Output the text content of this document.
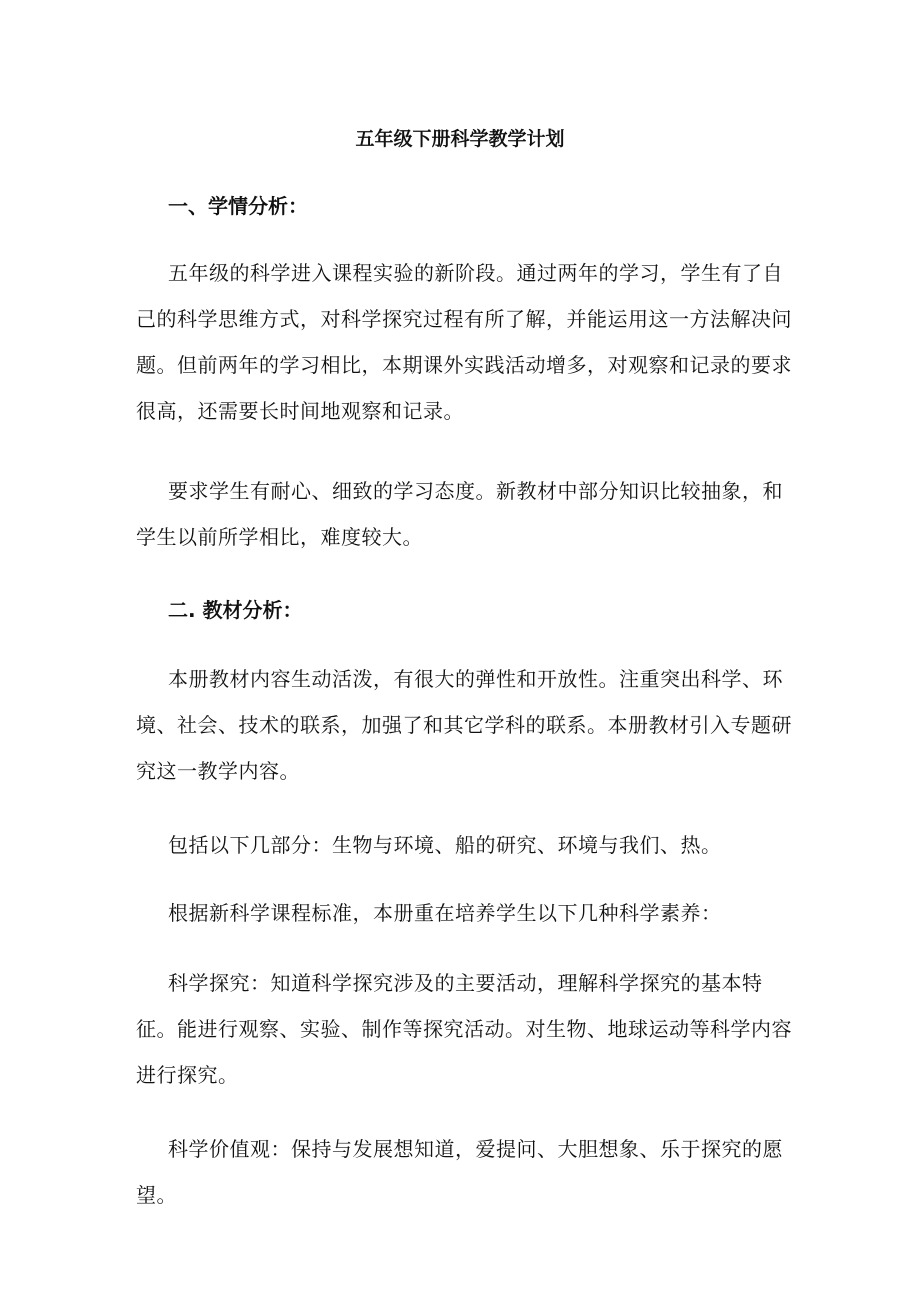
五年级下册科学教学计划
一、学情分析：

五年级的科学进入课程实验的新阶段。通过两年的学习，学生有了自己的科学思维方式，对科学探究过程有所了解，并能运用这一方法解决问题。但前两年的学习相比，本期课外实践活动增多，对观察和记录的要求很高，还需要长时间地观察和记录。

要求学生有耐心、细致的学习态度。新教材中部分知识比较抽象，和学生以前所学相比，难度较大。

二. 教材分析：

本册教材内容生动活泼，有很大的弹性和开放性。注重突出科学、环境、社会、技术的联系，加强了和其它学科的联系。本册教材引入专题研究这一教学内容。

包括以下几部分：生物与环境、船的研究、环境与我们、热。

根据新科学课程标准，本册重在培养学生以下几种科学素养：

科学探究：知道科学探究涉及的主要活动，理解科学探究的基本特征。能进行观察、实验、制作等探究活动。对生物、地球运动等科学内容进行探究。

科学价值观：保持与发展想知道，爱提问、大胆想象、乐于探究的愿望。
